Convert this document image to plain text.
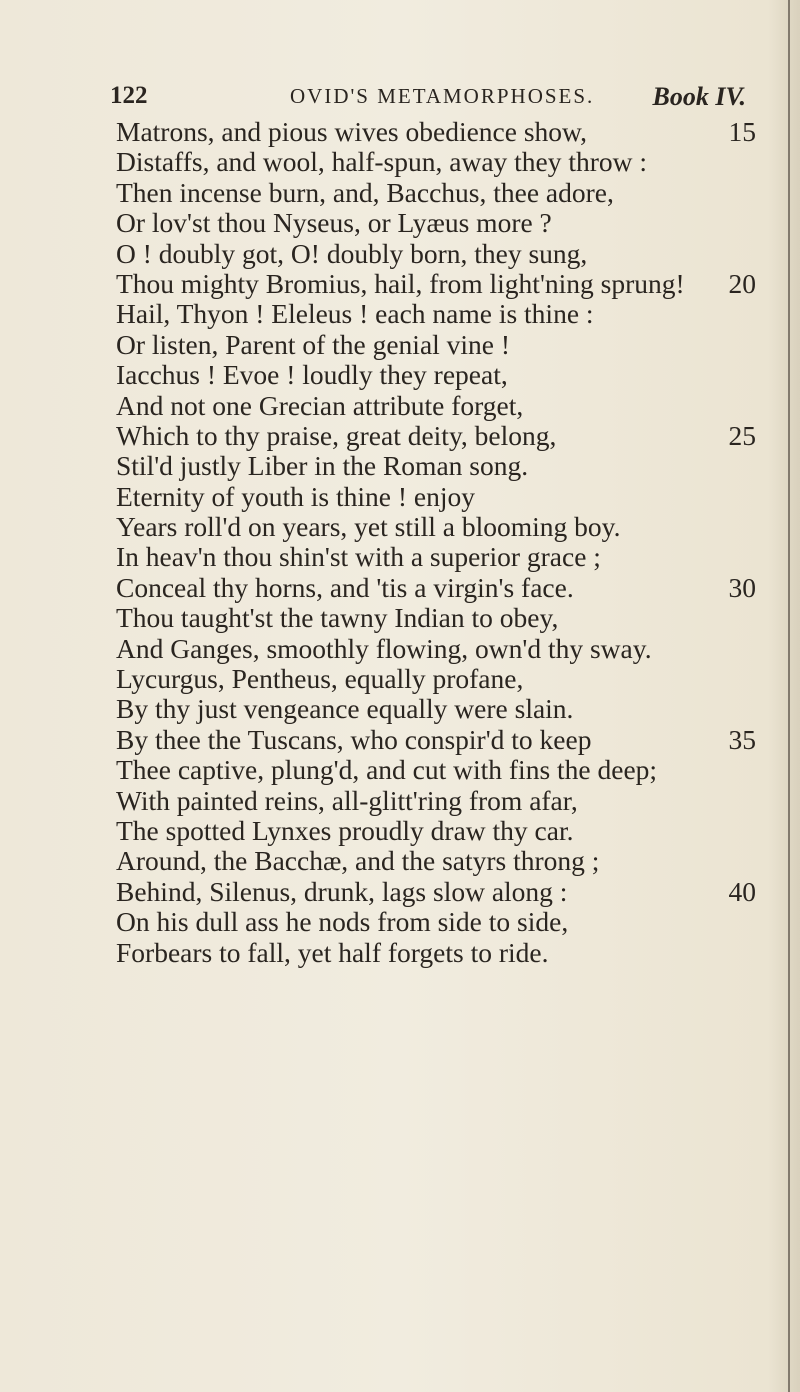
122	OVID'S METAMORPHOSES. Book IV.
Matrons, and pious wives obedience show,	15
Distaffs, and wool, half-spun, away they throw :
Then incense burn, and, Bacchus, thee adore,
Or lov'st thou Nyseus, or Lyæus more ?
O ! doubly got, O! doubly born, they sung,
Thou mighty Bromius, hail, from light'ning sprung! 20
Hail, Thyon ! Eleleus ! each name is thine :
Or listen, Parent of the genial vine !
Iacchus ! Evoe ! loudly they repeat,
And not one Grecian attribute forget,
Which to thy praise, great deity, belong,	25
Stil'd justly Liber in the Roman song.
Eternity of youth is thine ! enjoy
Years roll'd on years, yet still a blooming boy.
In heav'n thou shin'st with a superior grace ;
Conceal thy horns, and 'tis a virgin's face.	30
Thou taught'st the tawny Indian to obey,
And Ganges, smoothly flowing, own'd thy sway.
Lycurgus, Pentheus, equally profane,
By thy just vengeance equally were slain.
By thee the Tuscans, who conspir'd to keep	35
Thee captive, plung'd, and cut with fins the deep;
With painted reins, all-glitt'ring from afar,
The spotted Lynxes proudly draw thy car.
Around, the Bacchæ, and the satyrs throng ;
Behind, Silenus, drunk, lags slow along :	40
On his dull ass he nods from side to side,
Forbears to fall, yet half forgets to ride.
